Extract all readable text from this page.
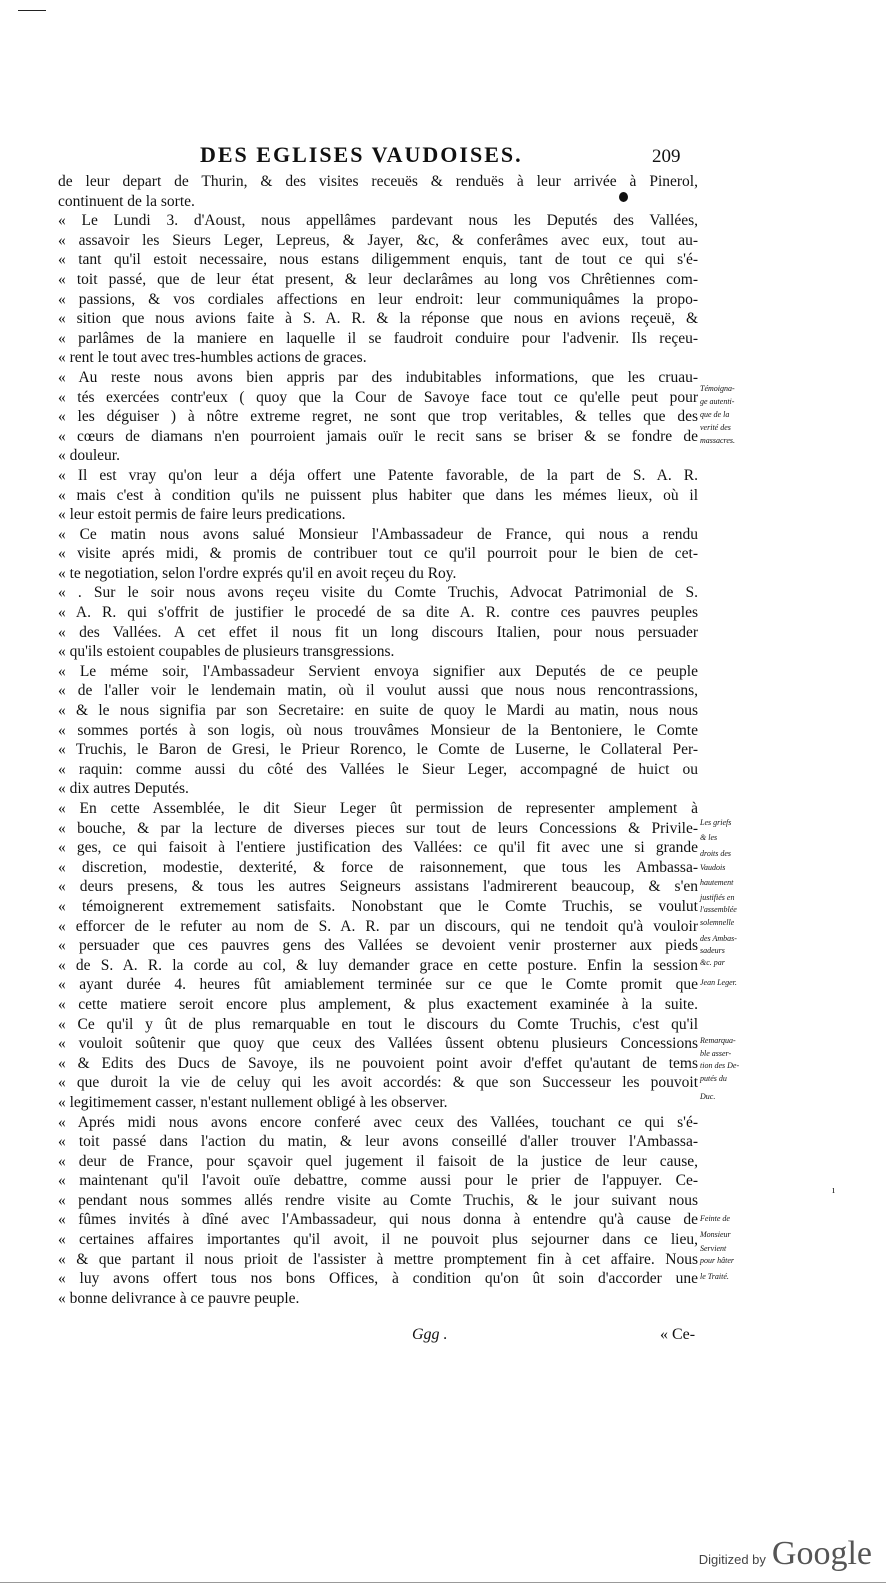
DES EGLISES VAUDOISES.	209
de leur depart de Thurin, & des visites receuës & renduës à leur arrivée à Pinerol,
continuent de la sorte.
« Le Lundi 3. d'Aoust, nous appellâmes pardevant nous les Deputés des Vallées,
« assavoir les Sieurs Leger, Lepreus, & Jayer, &c, & conferâmes avec eux, tout au-
« tant qu'il estoit necessaire, nous estans diligemment enquis, tant de tout ce qui s'é-
« toit passé, que de leur état present, & leur declarâmes au long vos Chrêtiennes com-
« passions, & vos cordiales affections en leur endroit: leur communiquâmes la propo-
« sition que nous avions faite à S. A. R. & la réponse que nous en avions reçeuë, &
« parlâmes de la maniere en laquelle il se faudroit conduire pour l'advenir. Ils reçeu-
« rent le tout avec tres-humbles actions de graces.
« Au reste nous avons bien appris par des indubitables informations, que les cruau-
« tés exercées contr'eux ( quoy que la Cour de Savoye face tout ce qu'elle peut pour
« les déguiser ) à nôtre extreme regret, ne sont que trop veritables, & telles que des
« cœurs de diamans n'en pourroient jamais ouïr le recit sans se briser & se fondre de
« douleur.
« Il est vray qu'on leur a déja offert une Patente favorable, de la part de S. A. R.
« mais c'est à condition qu'ils ne puissent plus habiter que dans les mémes lieux, où il
« leur estoit permis de faire leurs predications.
« Ce matin nous avons salué Monsieur l'Ambassadeur de France, qui nous a rendu
« visite aprés midi, & promis de contribuer tout ce qu'il pourroit pour le bien de cet-
« te negotiation, selon l'ordre exprés qu'il en avoit reçeu du Roy.
« . Sur le soir nous avons reçeu visite du Comte Truchis, Advocat Patrimonial de S.
« A. R. qui s'offrit de justifier le procedé de sa dite A. R. contre ces pauvres peuples
« des Vallées. A cet effet il nous fit un long discours Italien, pour nous persuader
« qu'ils estoient coupables de plusieurs transgressions.
« Le méme soir, l'Ambassadeur Servient envoya signifier aux Deputés de ce peuple
« de l'aller voir le lendemain matin, où il voulut aussi que nous nous rencontrassions,
« & le nous signifia par son Secretaire: en suite de quoy le Mardi au matin, nous nous
« sommes portés à son logis, où nous trouvâmes Monsieur de la Bentoniere, le Comte
« Truchis, le Baron de Gresi, le Prieur Rorenco, le Comte de Luserne, le Collateral Per-
« raquin: comme aussi du côté des Vallées le Sieur Leger, accompagné de huict ou
« dix autres Deputés.
« En cette Assemblée, le dit Sieur Leger ût permission de representer amplement à
« bouche, & par la lecture de diverses pieces sur tout de leurs Concessions & Privile-
« ges, ce qui faisoit à l'entiere justification des Vallées: ce qu'il fit avec une si grande
« discretion, modestie, dexterité, & force de raisonnement, que tous les Ambassa-
« deurs presens, & tous les autres Seigneurs assistans l'admirerent beaucoup, & s'en
« témoignerent extremement satisfaits. Nonobstant que le Comte Truchis, se voulut
« efforcer de le refuter au nom de S. A. R. par un discours, qui ne tendoit qu'à vouloir
« persuader que ces pauvres gens des Vallées se devoient venir prosterner aux pieds
« de S. A. R. la corde au col, & luy demander grace en cette posture. Enfin la session
« ayant durée 4. heures fût amiablement terminée sur ce que le Comte promit que
« cette matiere seroit encore plus amplement, & plus exactement examinée à la suite.
« Ce qu'il y ût de plus remarquable en tout le discours du Comte Truchis, c'est qu'il
« vouloit soûtenir que quoy que ceux des Vallées ûssent obtenu plusieurs Concessions
« & Edits des Ducs de Savoye, ils ne pouvoient point avoir d'effet qu'autant de tems
« que duroit la vie de celuy qui les avoit accordés: & que son Successeur les pouvoit
« legitimement casser, n'estant nullement obligé à les observer.
« Aprés midi nous avons encore conferé avec ceux des Vallées, touchant ce qui s'é-
« toit passé dans l'action du matin, & leur avons conseillé d'aller trouver l'Ambassa-
« deur de France, pour sçavoir quel jugement il faisoit de la justice de leur cause,
« maintenant qu'il l'avoit ouïe debattre, comme aussi pour le prier de l'appuyer. Ce-
« pendant nous sommes allés rendre visite au Comte Truchis, & le jour suivant nous
« fûmes invités à dîné avec l'Ambassadeur, qui nous donna à entendre qu'à cause de
« certaines affaires importantes qu'il avoit, il ne pouvoit plus sejourner dans ce lieu,
« & que partant il nous prioit de l'assister à mettre promptement fin à cet affaire. Nous
« luy avons offert tous nos bons Offices, à condition qu'on ût soin d'accorder une
« bonne delivrance à ce pauvre peuple.
Témoigna-
ge autenti-
que de la
verité des
massacres.
Les griefs
& les
droits des
Vaudois
hautement
justifiés en
l'assemblée
solemnelle
des Ambas-
sadeurs
&c. par
Jean Leger.
Remarqua-
ble asser-
tion des De-
putés du
Duc.
Feinte de
Monsieur
Servient
pour hâter
le Traité.
ı
Ggg .	« Ce-
Digitized by Google
